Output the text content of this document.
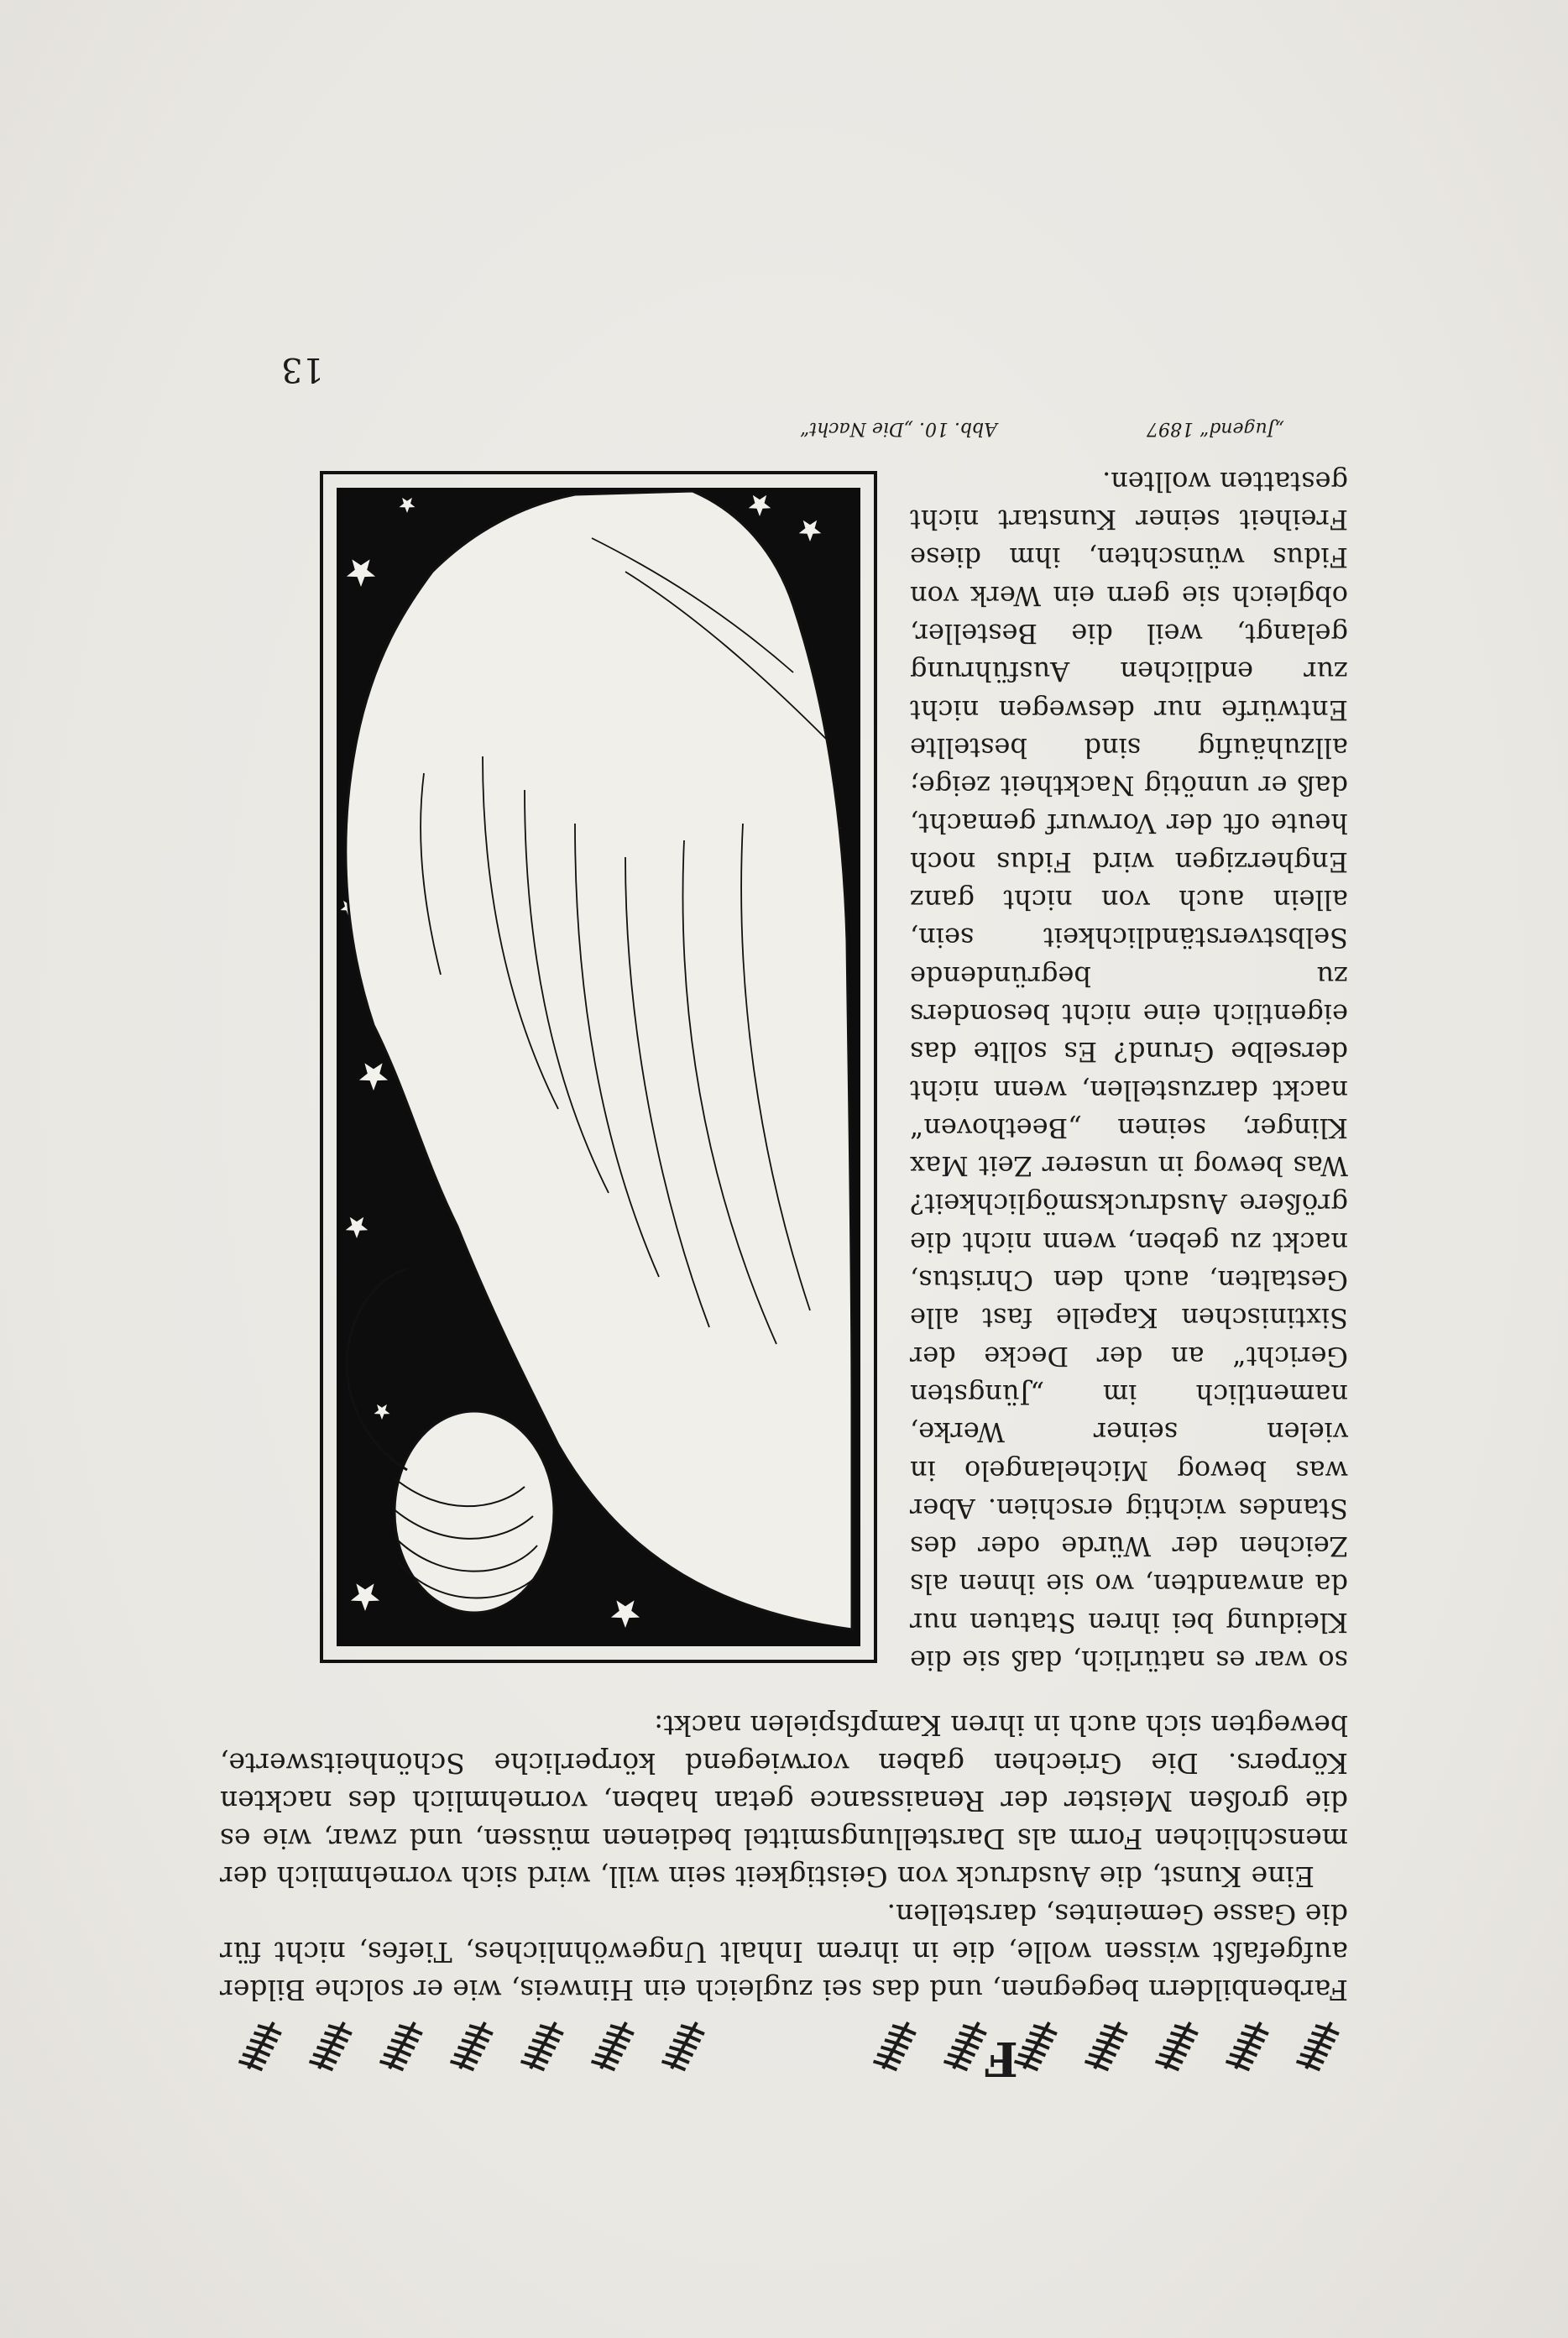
13
„Jugend“ 1897
Abb. 10. „Die Nacht“
F

Farbenbildern begegnen, und das sei zugleich ein Hinweis, wie er solche Bilder aufgefaßt wissen wolle, die in ihrem Inhalt Ungewöhnliches, Tiefes, nicht für die Gasse Gemeintes, darstellen.

Eine Kunst, die Ausdruck von Geistigkeit sein will, wird sich vornehmlich der menschlichen Form als Darstellungsmittel bedienen müssen, und zwar, wie es die großen Meister der Renaissance getan haben, vornehmlich des nackten Körpers. Die Griechen gaben vorwiegend körperliche Schönheitswerte, bewegten sich auch in ihren Kampfspielen nackt:

so war es natürlich, daß sie die Kleidung bei ihren Statuen nur da anwandten, wo sie ihnen als Zeichen der Würde oder des Standes wichtig erschien. Aber was bewog Michelangelo in vielen seiner Werke, namentlich im „Jüngsten Gericht“ an der Decke der Sixtinischen Kapelle fast alle Gestalten, auch den Christus, nackt zu geben, wenn nicht die größere Ausdrucksmöglichkeit? Was bewog in unserer Zeit Max Klinger, seinen „Beethoven“ nackt darzustellen, wenn nicht derselbe Grund? Es sollte das eigentlich eine nicht besonders zu begründende Selbstverständlichkeit sein, allein auch von nicht ganz Engherzigen wird Fidus noch heute oft der Vorwurf gemacht, daß er unnötig Nacktheit zeige; allzuhäufig sind bestellte Entwürfe nur deswegen nicht zur endlichen Ausführung gelangt, weil die Besteller, obgleich sie gern ein Werk von Fidus wünschten, ihm diese Freiheit seiner Kunstart nicht gestatten wollten.
